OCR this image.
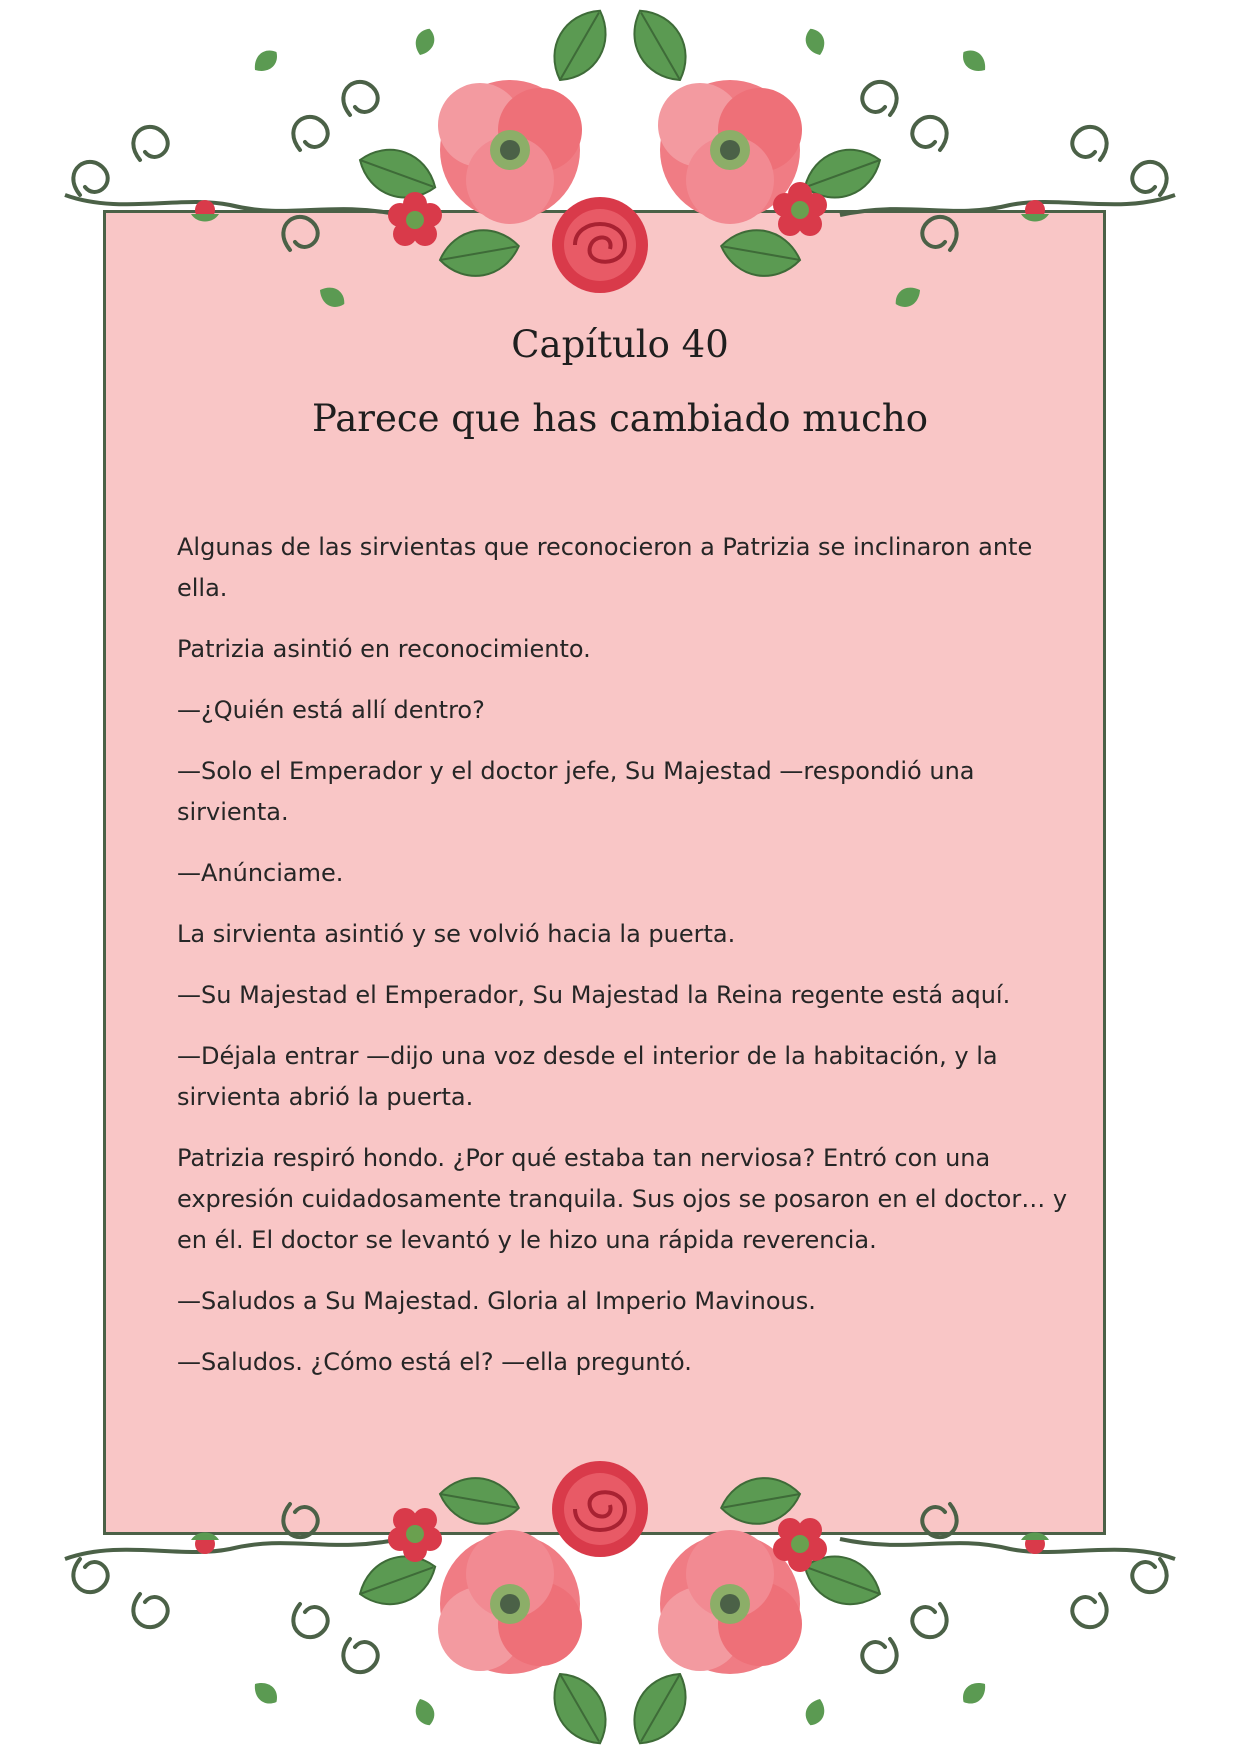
Capítulo 40
Parece que has cambiado mucho

Algunas de las sirvientas que reconocieron a Patrizia se inclinaron ante ella.

Patrizia asintió en reconocimiento.

—¿Quién está allí dentro?

—Solo el Emperador y el doctor jefe, Su Majestad —respondió una sirvienta.

—Anúnciame.

La sirvienta asintió y se volvió hacia la puerta.

—Su Majestad el Emperador, Su Majestad la Reina regente está aquí.

—Déjala entrar —dijo una voz desde el interior de la habitación, y la sirvienta abrió la puerta.

Patrizia respiró hondo. ¿Por qué estaba tan nerviosa? Entró con una expresión cuidadosamente tranquila. Sus ojos se posaron en el doctor… y en él. El doctor se levantó y le hizo una rápida reverencia.

—Saludos a Su Majestad. Gloria al Imperio Mavinous.

—Saludos. ¿Cómo está el? —ella preguntó.
